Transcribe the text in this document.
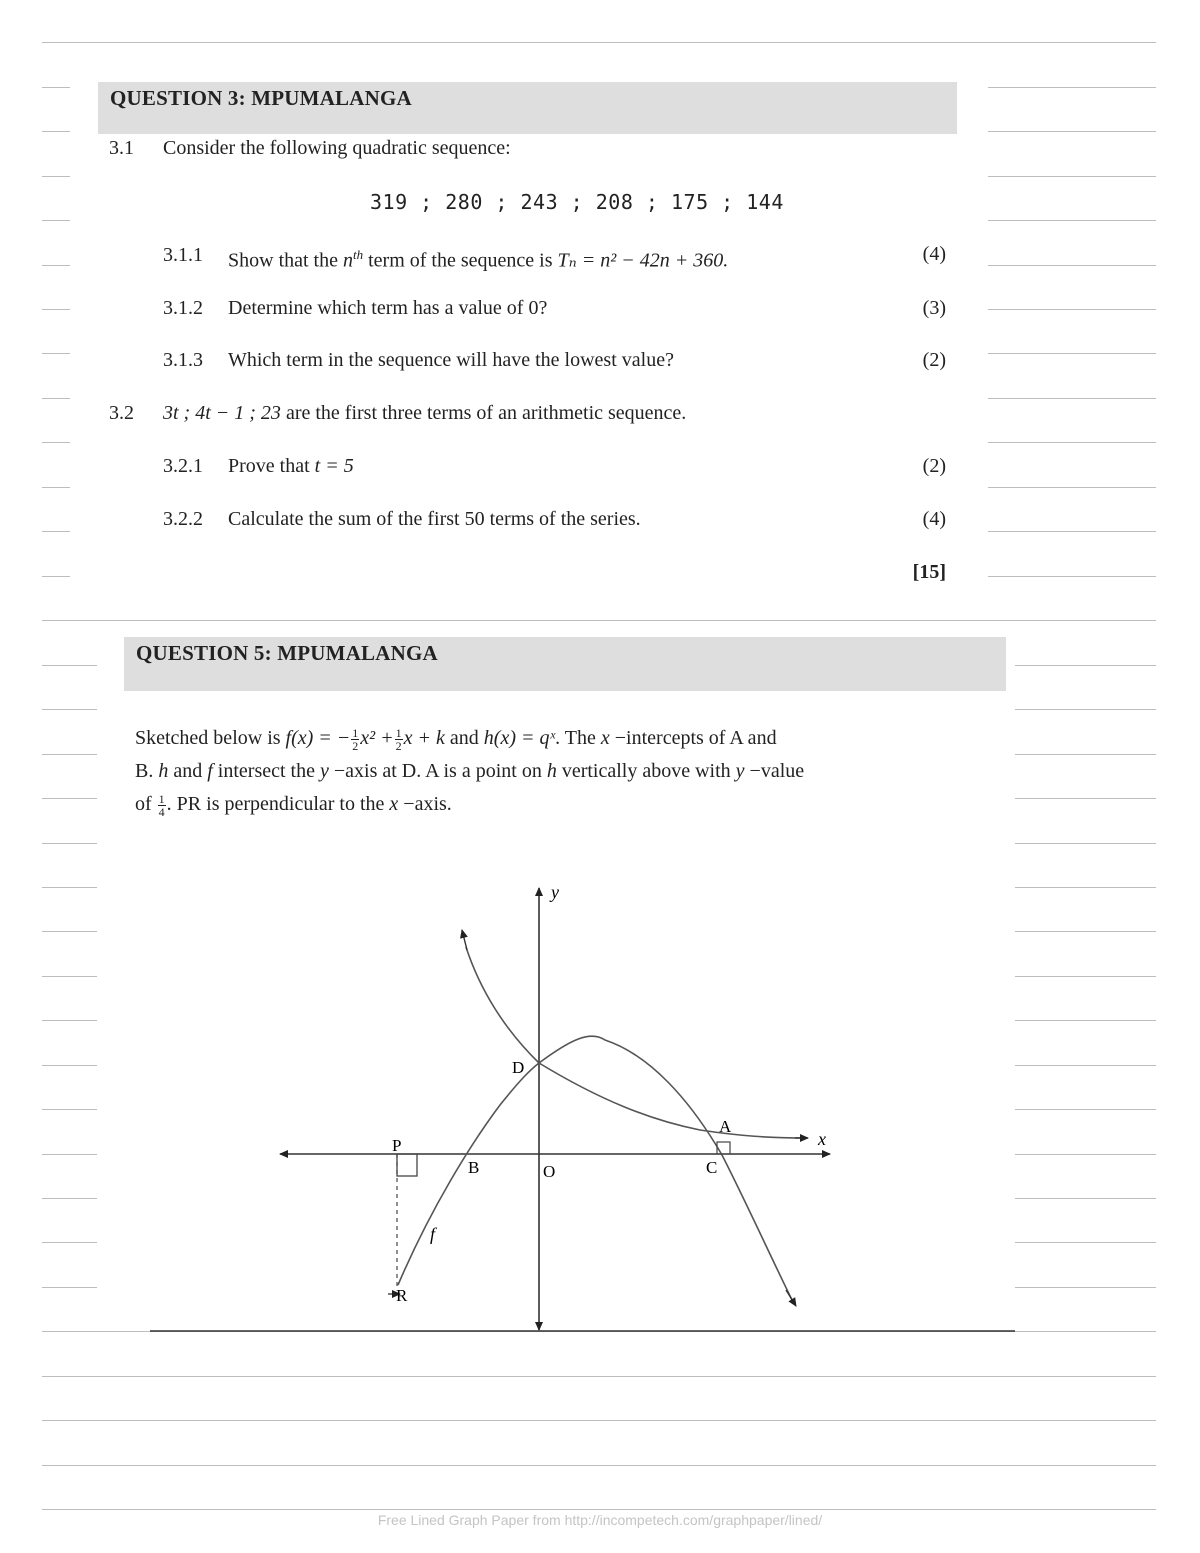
QUESTION 3: MPUMALANGA
3.1 Consider the following quadratic sequence:
319 ; 280 ; 243 ; 208 ; 175 ; 144
3.1.1 Show that the $n^{th}$ term of the sequence is Tₙ = n² − 42n + 360.	(4)
3.1.2 Determine which term has a value of 0?	(3)
3.1.3 Which term in the sequence will have the lowest value?	(2)
3.2 3t ; 4t − 1 ; 23 are the first three terms of an arithmetic sequence.
3.2.1 Prove that t = 5	(2)
3.2.2 Calculate the sum of the first 50 terms of the series.	(4)
[15]
QUESTION 5: MPUMALANGA
Sketched below is f(x) = − $\frac{1}{2} x^2 + \frac{1}{2}$ x + k and h(x) = qˣ. The x −intercepts of A and
B. h and f intersect the y −axis at D. A is a point on h vertically above with y −value
of $\frac{1}{4}$ . PR is perpendicular to the x −axis.
y
x
D
A
P
B	O	C
f
R
Free Lined Graph Paper from http://incompetech.com/graphpaper/lined/
